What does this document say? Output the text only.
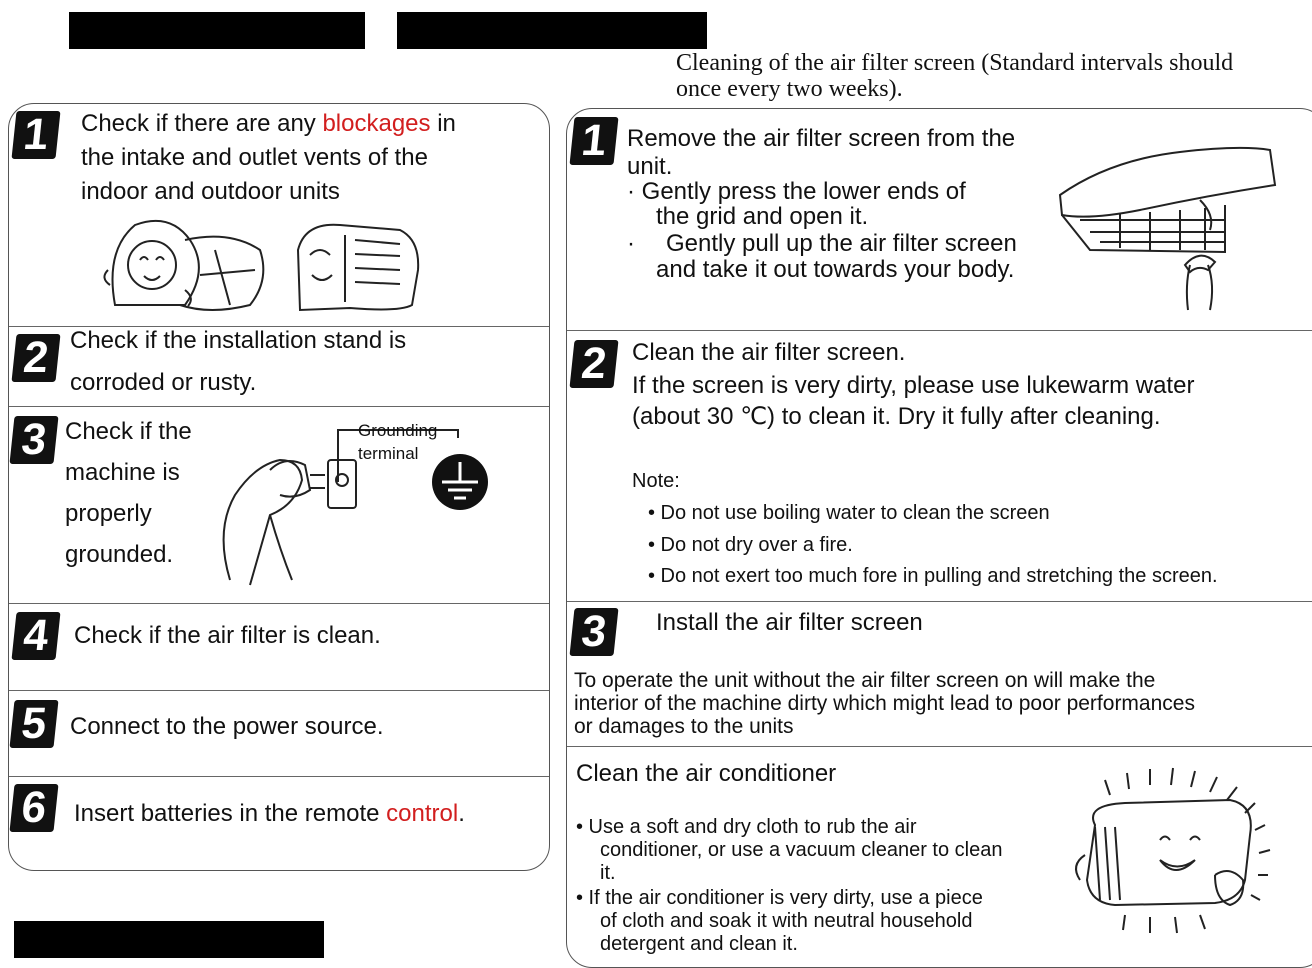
Cleaning of the air filter screen (Standard intervals should
once every two weeks).
1	Check if there are any blockages in
the intake and outlet vents of the
indoor and outdoor units
2 Check if the installation stand is
corroded or rusty.
3 Check if the
machine is
properly
grounded.
Grounding
terminal
4 Check if the air filter is clean.
5 Connect to the power source.
6	Insert batteries in the remote control.
1 Remove the air filter screen from the
unit.
· Gently press the lower ends of
the grid and open it.
· Gently pull up the air filter screen
and take it out towards your body.
2 Clean the air filter screen.
If the screen is very dirty, please use lukewarm water
(about 30 ℃) to clean it. Dry it fully after cleaning.
Note:
• Do not use boiling water to clean the screen
• Do not dry over a fire.
• Do not exert too much fore in pulling and stretching the screen.
3	Install the air filter screen
To operate the unit without the air filter screen on will make the
interior of the machine dirty which might lead to poor performances
or damages to the units
Clean the air conditioner
• Use a soft and dry cloth to rub the air
conditioner, or use a vacuum cleaner to clean
it.
• If the air conditioner is very dirty, use a piece
of cloth and soak it with neutral household
detergent and clean it.
